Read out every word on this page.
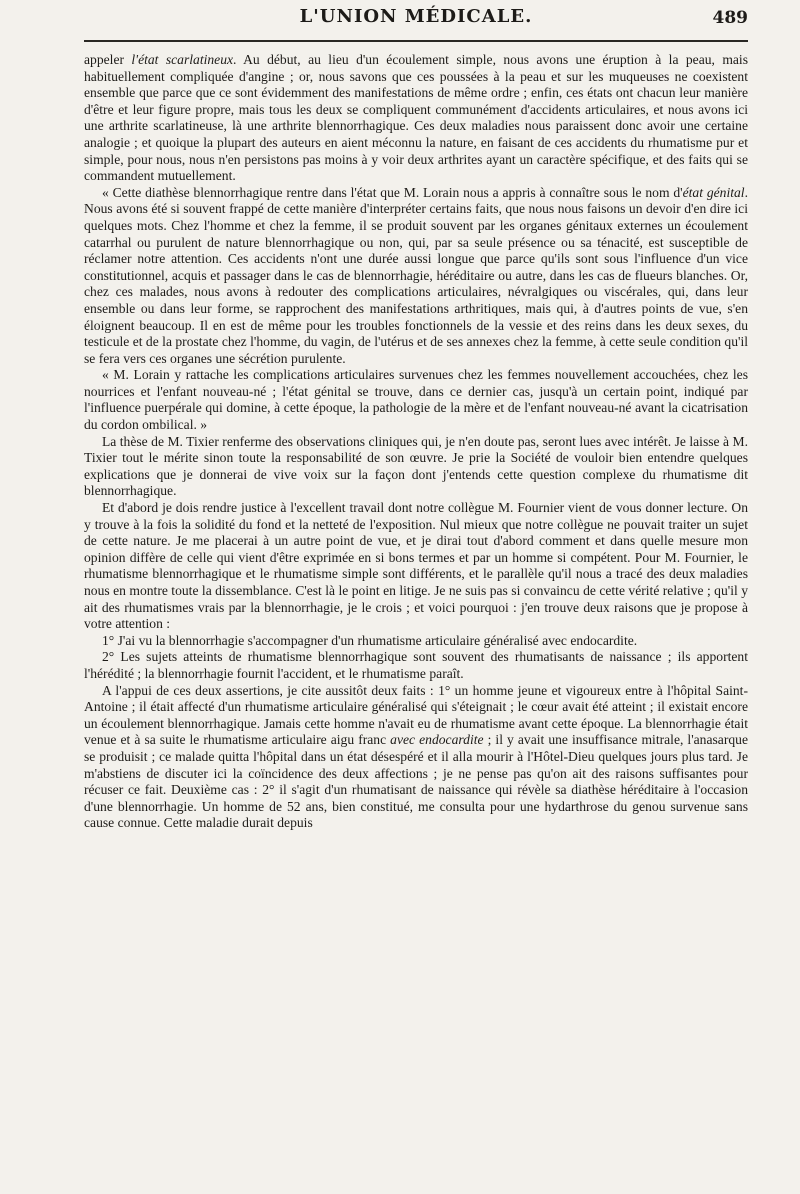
L'UNION MÉDICALE.	489

appeler l'état scarlatineux. Au début, au lieu d'un écoulement simple, nous avons une éruption à la peau, mais habituellement compliquée d'angine ; or, nous savons que ces poussées à la peau et sur les muqueuses ne coexistent ensemble que parce que ce sont évidemment des manifestations de même ordre ; enfin, ces états ont chacun leur manière d'être et leur figure propre, mais tous les deux se compliquent communément d'accidents articulaires, et nous avons ici une arthrite scarlatineuse, là une arthrite blennorrhagique. Ces deux maladies nous paraissent donc avoir une certaine analogie ; et quoique la plupart des auteurs en aient méconnu la nature, en faisant de ces accidents du rhumatisme pur et simple, pour nous, nous n'en persistons pas moins à y voir deux arthrites ayant un caractère spécifique, et des faits qui se commandent mutuellement.

« Cette diathèse blennorrhagique rentre dans l'état que M. Lorain nous a appris à connaître sous le nom d'état génital. Nous avons été si souvent frappé de cette manière d'interpréter certains faits, que nous nous faisons un devoir d'en dire ici quelques mots. Chez l'homme et chez la femme, il se produit souvent par les organes génitaux externes un écoulement catarrhal ou purulent de nature blennorrhagique ou non, qui, par sa seule présence ou sa ténacité, est susceptible de réclamer notre attention. Ces accidents n'ont une durée aussi longue que parce qu'ils sont sous l'influence d'un vice constitutionnel, acquis et passager dans le cas de blennorrhagie, héréditaire ou autre, dans les cas de flueurs blanches. Or, chez ces malades, nous avons à redouter des complications articulaires, névralgiques ou viscérales, qui, dans leur ensemble ou dans leur forme, se rapprochent des manifestations arthritiques, mais qui, à d'autres points de vue, s'en éloignent beaucoup. Il en est de même pour les troubles fonctionnels de la vessie et des reins dans les deux sexes, du testicule et de la prostate chez l'homme, du vagin, de l'utérus et de ses annexes chez la femme, à cette seule condition qu'il se fera vers ces organes une sécrétion purulente.

« M. Lorain y rattache les complications articulaires survenues chez les femmes nouvellement accouchées, chez les nourrices et l'enfant nouveau-né ; l'état génital se trouve, dans ce dernier cas, jusqu'à un certain point, indiqué par l'influence puerpérale qui domine, à cette époque, la pathologie de la mère et de l'enfant nouveau-né avant la cicatrisation du cordon ombilical. »

La thèse de M. Tixier renferme des observations cliniques qui, je n'en doute pas, seront lues avec intérêt. Je laisse à M. Tixier tout le mérite sinon toute la responsabilité de son œuvre. Je prie la Société de vouloir bien entendre quelques explications que je donnerai de vive voix sur la façon dont j'entends cette question complexe du rhumatisme dit blennorrhagique.

Et d'abord je dois rendre justice à l'excellent travail dont notre collègue M. Fournier vient de vous donner lecture. On y trouve à la fois la solidité du fond et la netteté de l'exposition. Nul mieux que notre collègue ne pouvait traiter un sujet de cette nature. Je me placerai à un autre point de vue, et je dirai tout d'abord comment et dans quelle mesure mon opinion diffère de celle qui vient d'être exprimée en si bons termes et par un homme si compétent. Pour M. Fournier, le rhumatisme blennorrhagique et le rhumatisme simple sont différents, et le parallèle qu'il nous a tracé des deux maladies nous en montre toute la dissemblance. C'est là le point en litige. Je ne suis pas si convaincu de cette vérité relative ; qu'il y ait des rhumatismes vrais par la blennorrhagie, je le crois ; et voici pourquoi : j'en trouve deux raisons que je propose à votre attention :

1° J'ai vu la blennorrhagie s'accompagner d'un rhumatisme articulaire généralisé avec endocardite.

2° Les sujets atteints de rhumatisme blennorrhagique sont souvent des rhumatisants de naissance ; ils apportent l'hérédité ; la blennorrhagie fournit l'accident, et le rhumatisme paraît.

A l'appui de ces deux assertions, je cite aussitôt deux faits : 1° un homme jeune et vigoureux entre à l'hôpital Saint-Antoine ; il était affecté d'un rhumatisme articulaire généralisé qui s'éteignait ; le cœur avait été atteint ; il existait encore un écoulement blennorrhagique. Jamais cette homme n'avait eu de rhumatisme avant cette époque. La blennorrhagie était venue et à sa suite le rhumatisme articulaire aigu franc avec endocardite ; il y avait une insuffisance mitrale, l'anasarque se produisit ; ce malade quitta l'hôpital dans un état désespéré et il alla mourir à l'Hôtel-Dieu quelques jours plus tard. Je m'abstiens de discuter ici la coïncidence des deux affections ; je ne pense pas qu'on ait des raisons suffisantes pour récuser ce fait. Deuxième cas : 2° il s'agit d'un rhumatisant de naissance qui révèle sa diathèse héréditaire à l'occasion d'une blennorrhagie. Un homme de 52 ans, bien constitué, me consulta pour une hydarthrose du genou survenue sans cause connue. Cette maladie durait depuis
